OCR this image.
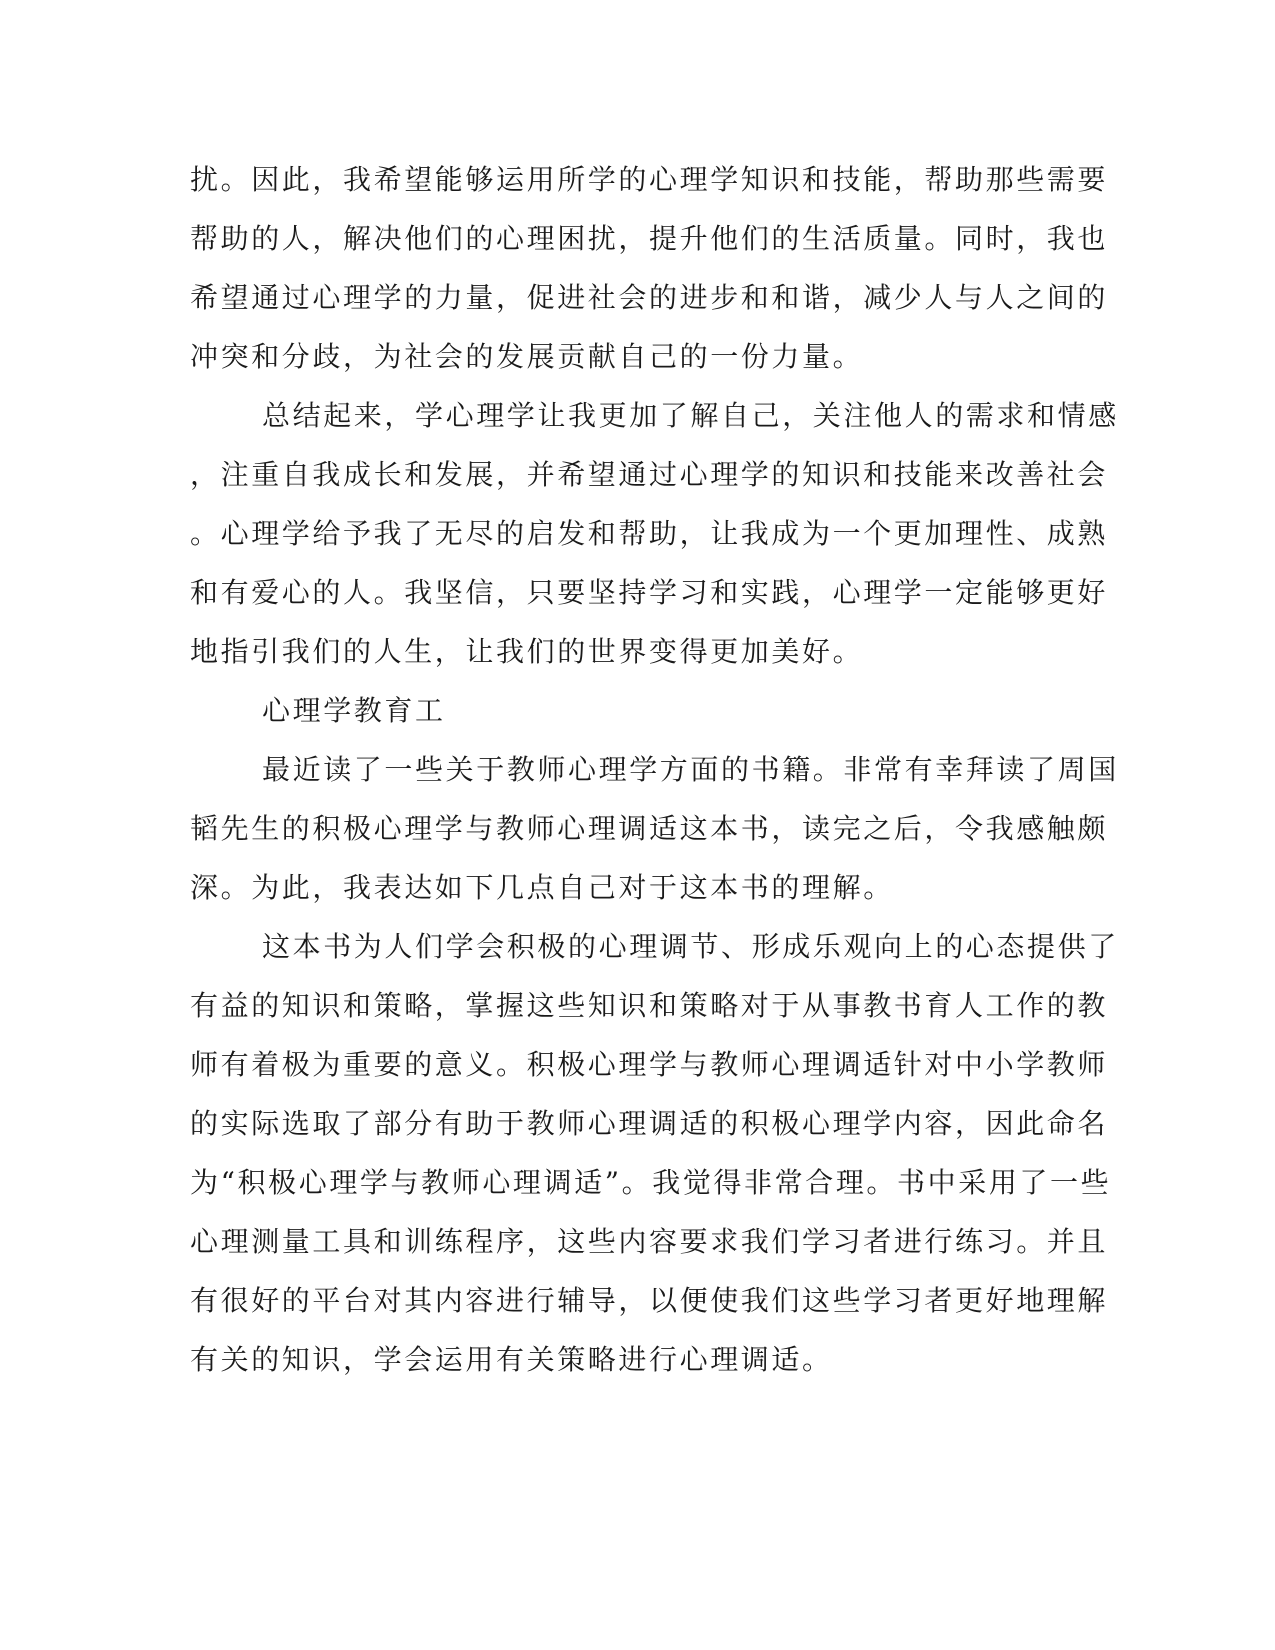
扰。因此，我希望能够运用所学的心理学知识和技能，帮助那些需要
帮助的人，解决他们的心理困扰，提升他们的生活质量。同时，我也
希望通过心理学的力量，促进社会的进步和和谐，减少人与人之间的
冲突和分歧，为社会的发展贡献自己的一份力量。
总结起来，学心理学让我更加了解自己，关注他人的需求和情感
，注重自我成长和发展，并希望通过心理学的知识和技能来改善社会
。心理学给予我了无尽的启发和帮助，让我成为一个更加理性、成熟
和有爱心的人。我坚信，只要坚持学习和实践，心理学一定能够更好
地指引我们的人生，让我们的世界变得更加美好。
心理学教育工
最近读了一些关于教师心理学方面的书籍。非常有幸拜读了周国
韬先生的积极心理学与教师心理调适这本书，读完之后，令我感触颇
深。为此，我表达如下几点自己对于这本书的理解。
这本书为人们学会积极的心理调节、形成乐观向上的心态提供了
有益的知识和策略，掌握这些知识和策略对于从事教书育人工作的教
师有着极为重要的意义。积极心理学与教师心理调适针对中小学教师
的实际选取了部分有助于教师心理调适的积极心理学内容，因此命名
为“积极心理学与教师心理调适”。我觉得非常合理。书中采用了一些
心理测量工具和训练程序，这些内容要求我们学习者进行练习。并且
有很好的平台对其内容进行辅导，以便使我们这些学习者更好地理解
有关的知识，学会运用有关策略进行心理调适。
